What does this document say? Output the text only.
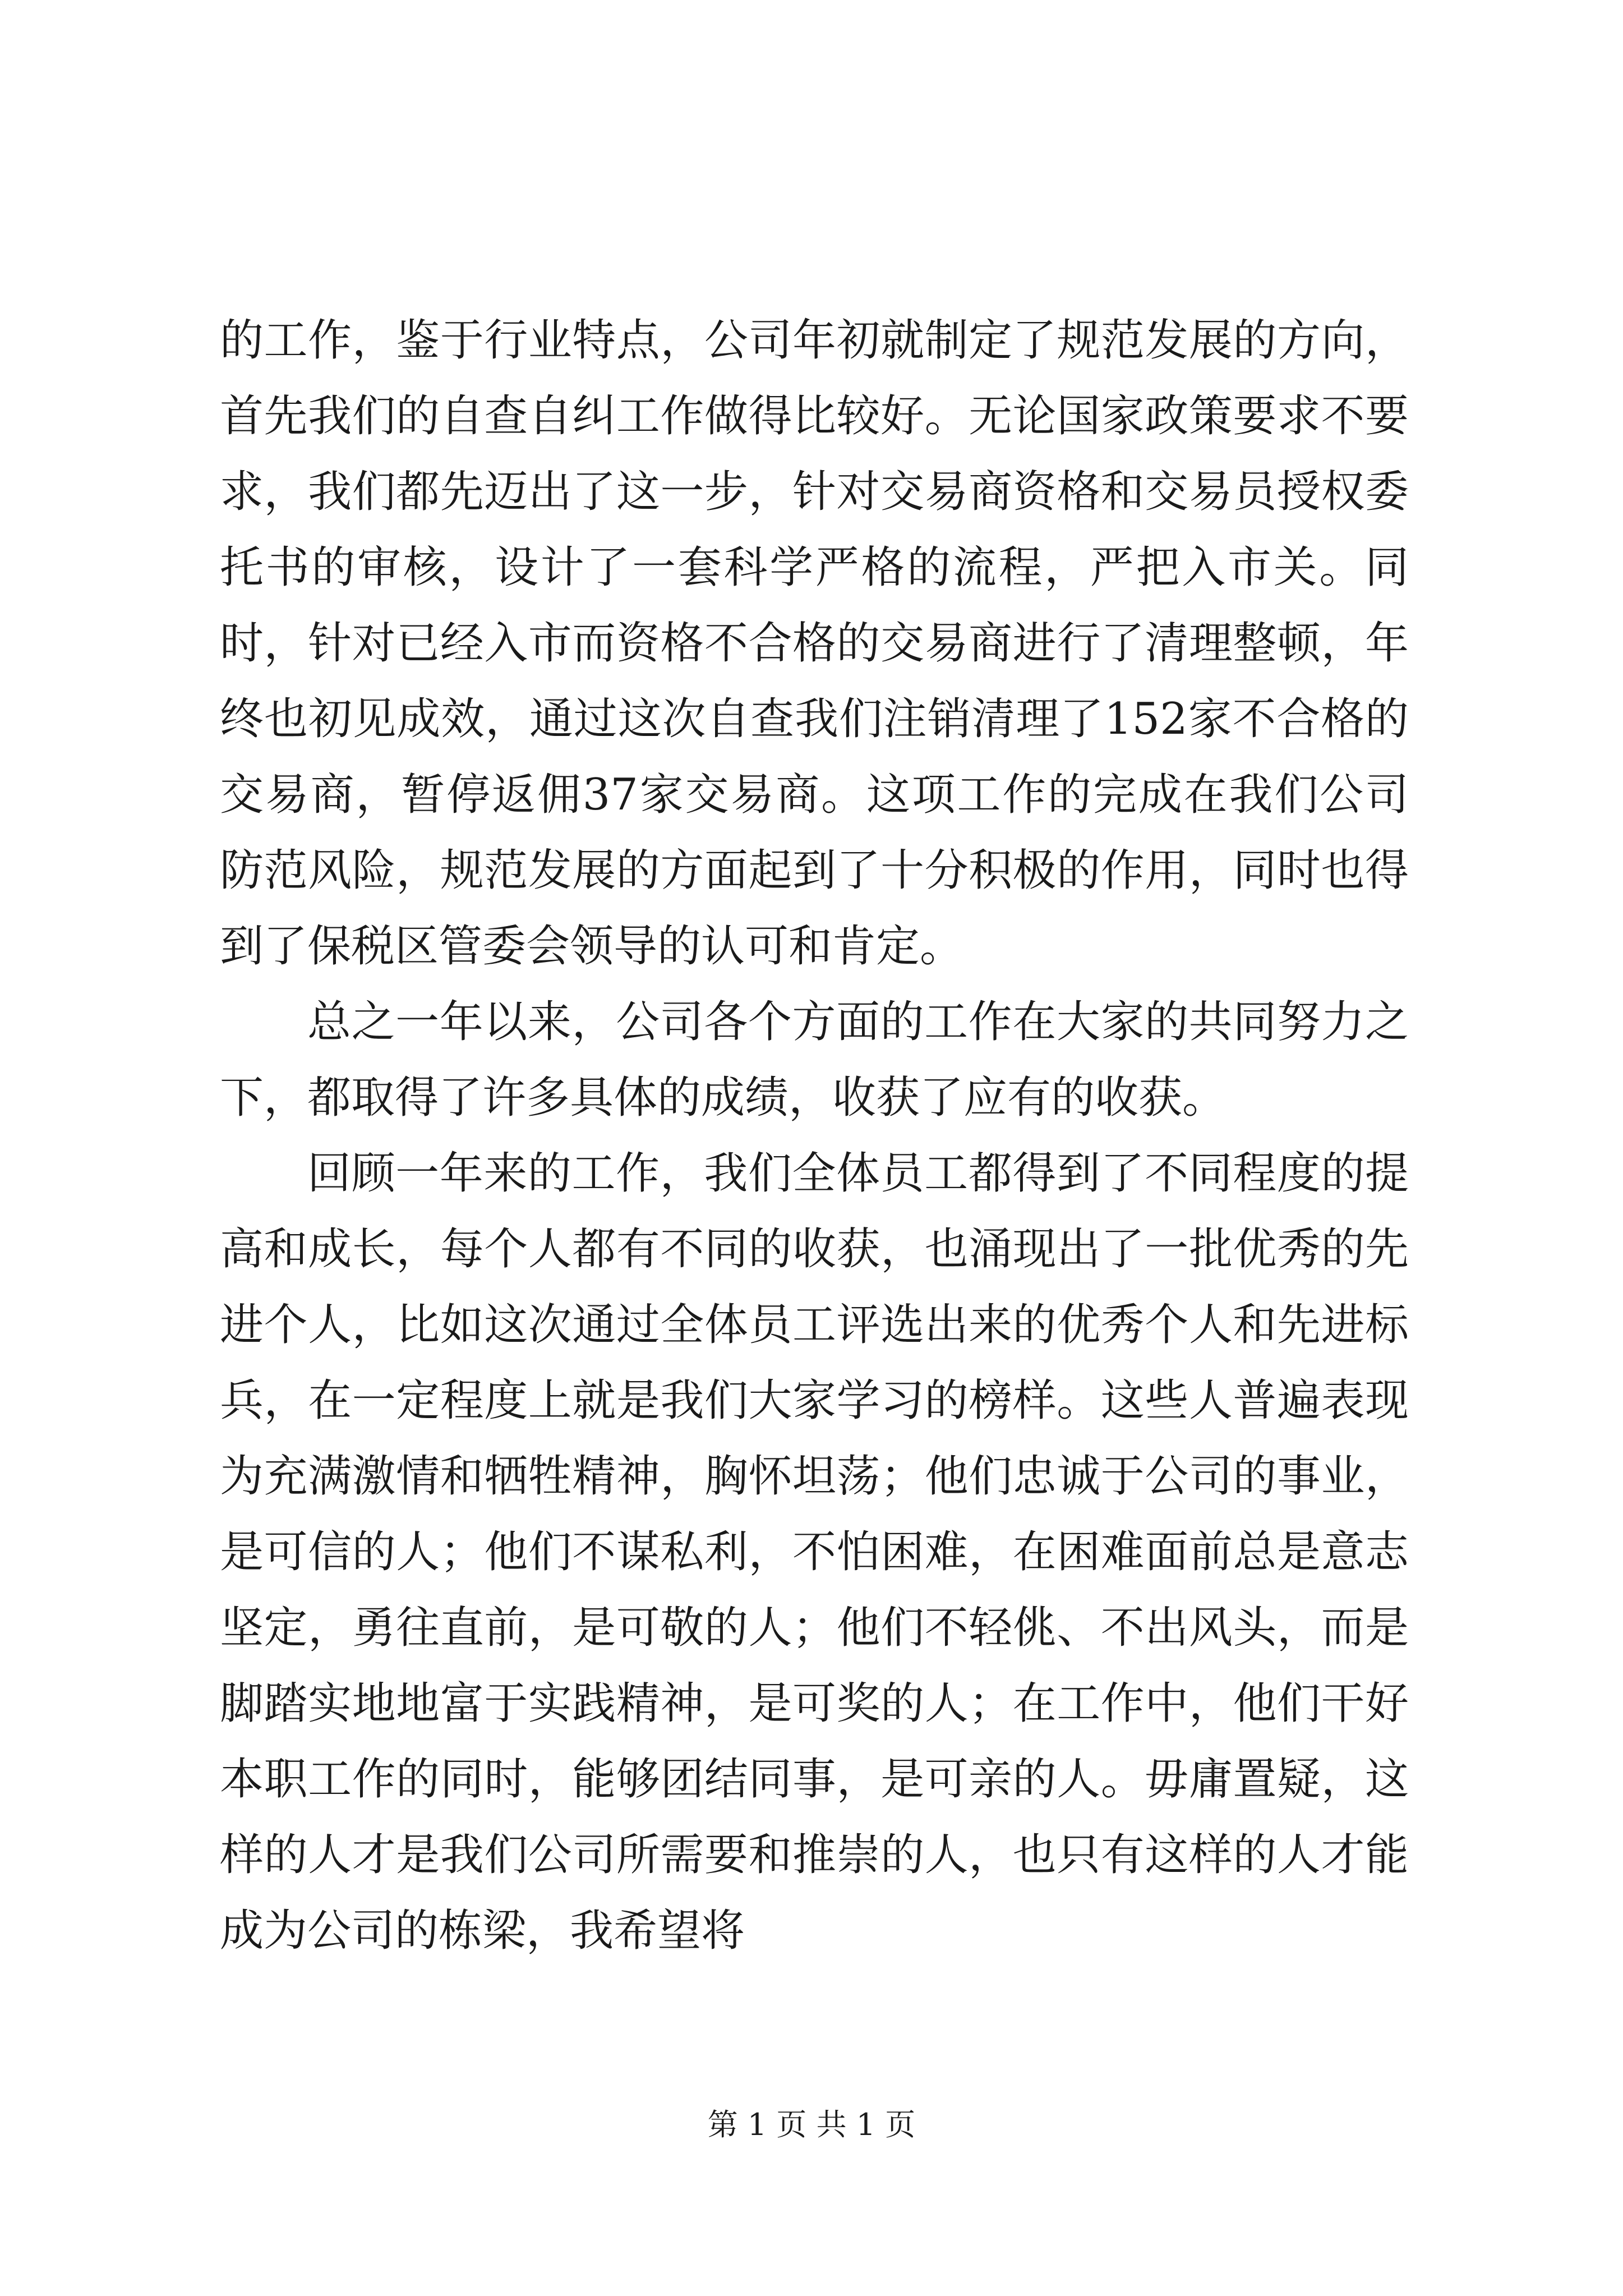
的工作，鉴于行业特点，公司年初就制定了规范发展的方向，首先我们的自查自纠工作做得比较好。无论国家政策要求不要求，我们都先迈出了这一步，针对交易商资格和交易员授权委托书的审核，设计了一套科学严格的流程，严把入市关。同时，针对已经入市而资格不合格的交易商进行了清理整顿，年终也初见成效，通过这次自查我们注销清理了152家不合格的交易商，暂停返佣37家交易商。这项工作的完成在我们公司防范风险，规范发展的方面起到了十分积极的作用，同时也得到了保税区管委会领导的认可和肯定。

总之一年以来，公司各个方面的工作在大家的共同努力之下，都取得了许多具体的成绩，收获了应有的收获。

回顾一年来的工作，我们全体员工都得到了不同程度的提高和成长，每个人都有不同的收获，也涌现出了一批优秀的先进个人，比如这次通过全体员工评选出来的优秀个人和先进标兵，在一定程度上就是我们大家学习的榜样。这些人普遍表现为充满激情和牺牲精神，胸怀坦荡；他们忠诚于公司的事业，是可信的人；他们不谋私利，不怕困难，在困难面前总是意志坚定，勇往直前，是可敬的人；他们不轻佻、不出风头，而是脚踏实地地富于实践精神，是可奖的人；在工作中，他们干好本职工作的同时，能够团结同事，是可亲的人。毋庸置疑，这样的人才是我们公司所需要和推崇的人，也只有这样的人才能成为公司的栋梁，我希望将

第 1 页 共 1 页
